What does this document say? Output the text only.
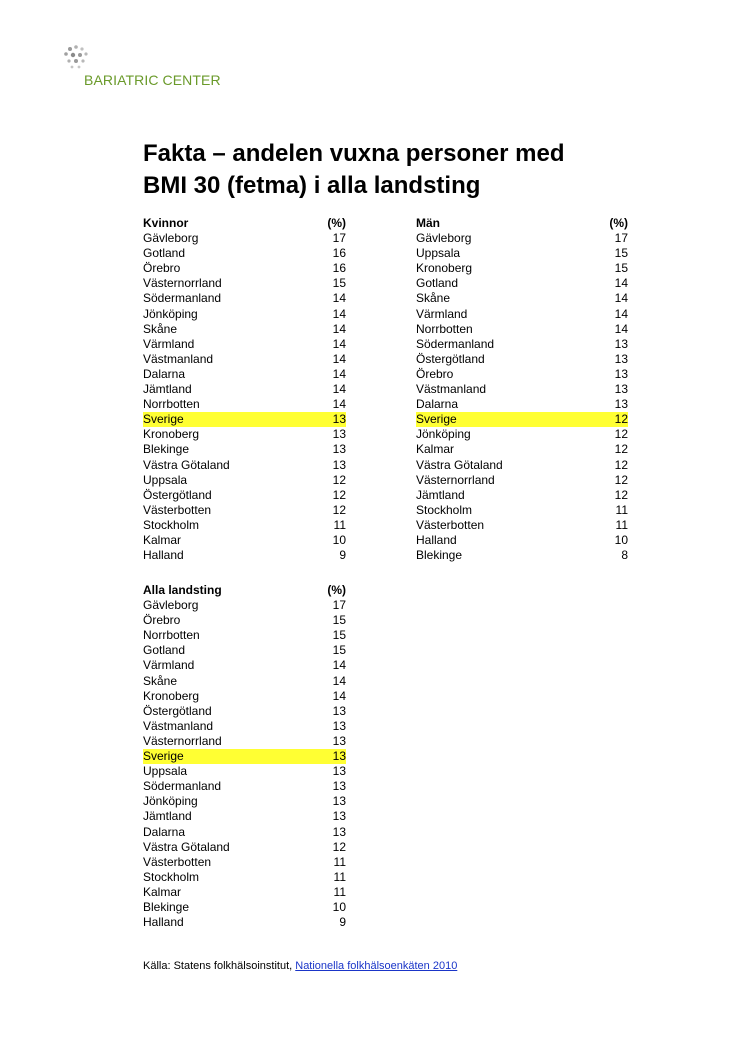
BARIATRIC CENTER
Fakta – andelen vuxna personer med
BMI 30 (fetma) i alla landsting
Kvinnor	(%)
Gävleborg	17
Gotland	16
Örebro	16
Västernorrland	15
Södermanland	14
Jönköping	14
Skåne	14
Värmland	14
Västmanland	14
Dalarna	14
Jämtland	14
Norrbotten	14
Sverige	13
Kronoberg	13
Blekinge	13
Västra Götaland	13
Uppsala	12
Östergötland	12
Västerbotten	12
Stockholm	11
Kalmar	10
Halland	9
Män	(%)
Gävleborg	17
Uppsala	15
Kronoberg	15
Gotland	14
Skåne	14
Värmland	14
Norrbotten	14
Södermanland	13
Östergötland	13
Örebro	13
Västmanland	13
Dalarna	13
Sverige	12
Jönköping	12
Kalmar	12
Västra Götaland	12
Västernorrland	12
Jämtland	12
Stockholm	11
Västerbotten	11
Halland	10
Blekinge	8
Alla landsting	(%)
Gävleborg	17
Örebro	15
Norrbotten	15
Gotland	15
Värmland	14
Skåne	14
Kronoberg	14
Östergötland	13
Västmanland	13
Västernorrland	13
Sverige	13
Uppsala	13
Södermanland	13
Jönköping	13
Jämtland	13
Dalarna	13
Västra Götaland	12
Västerbotten	11
Stockholm	11
Kalmar	11
Blekinge	10
Halland	9
Källa: Statens folkhälsoinstitut, Nationella folkhälsoenkäten 2010
